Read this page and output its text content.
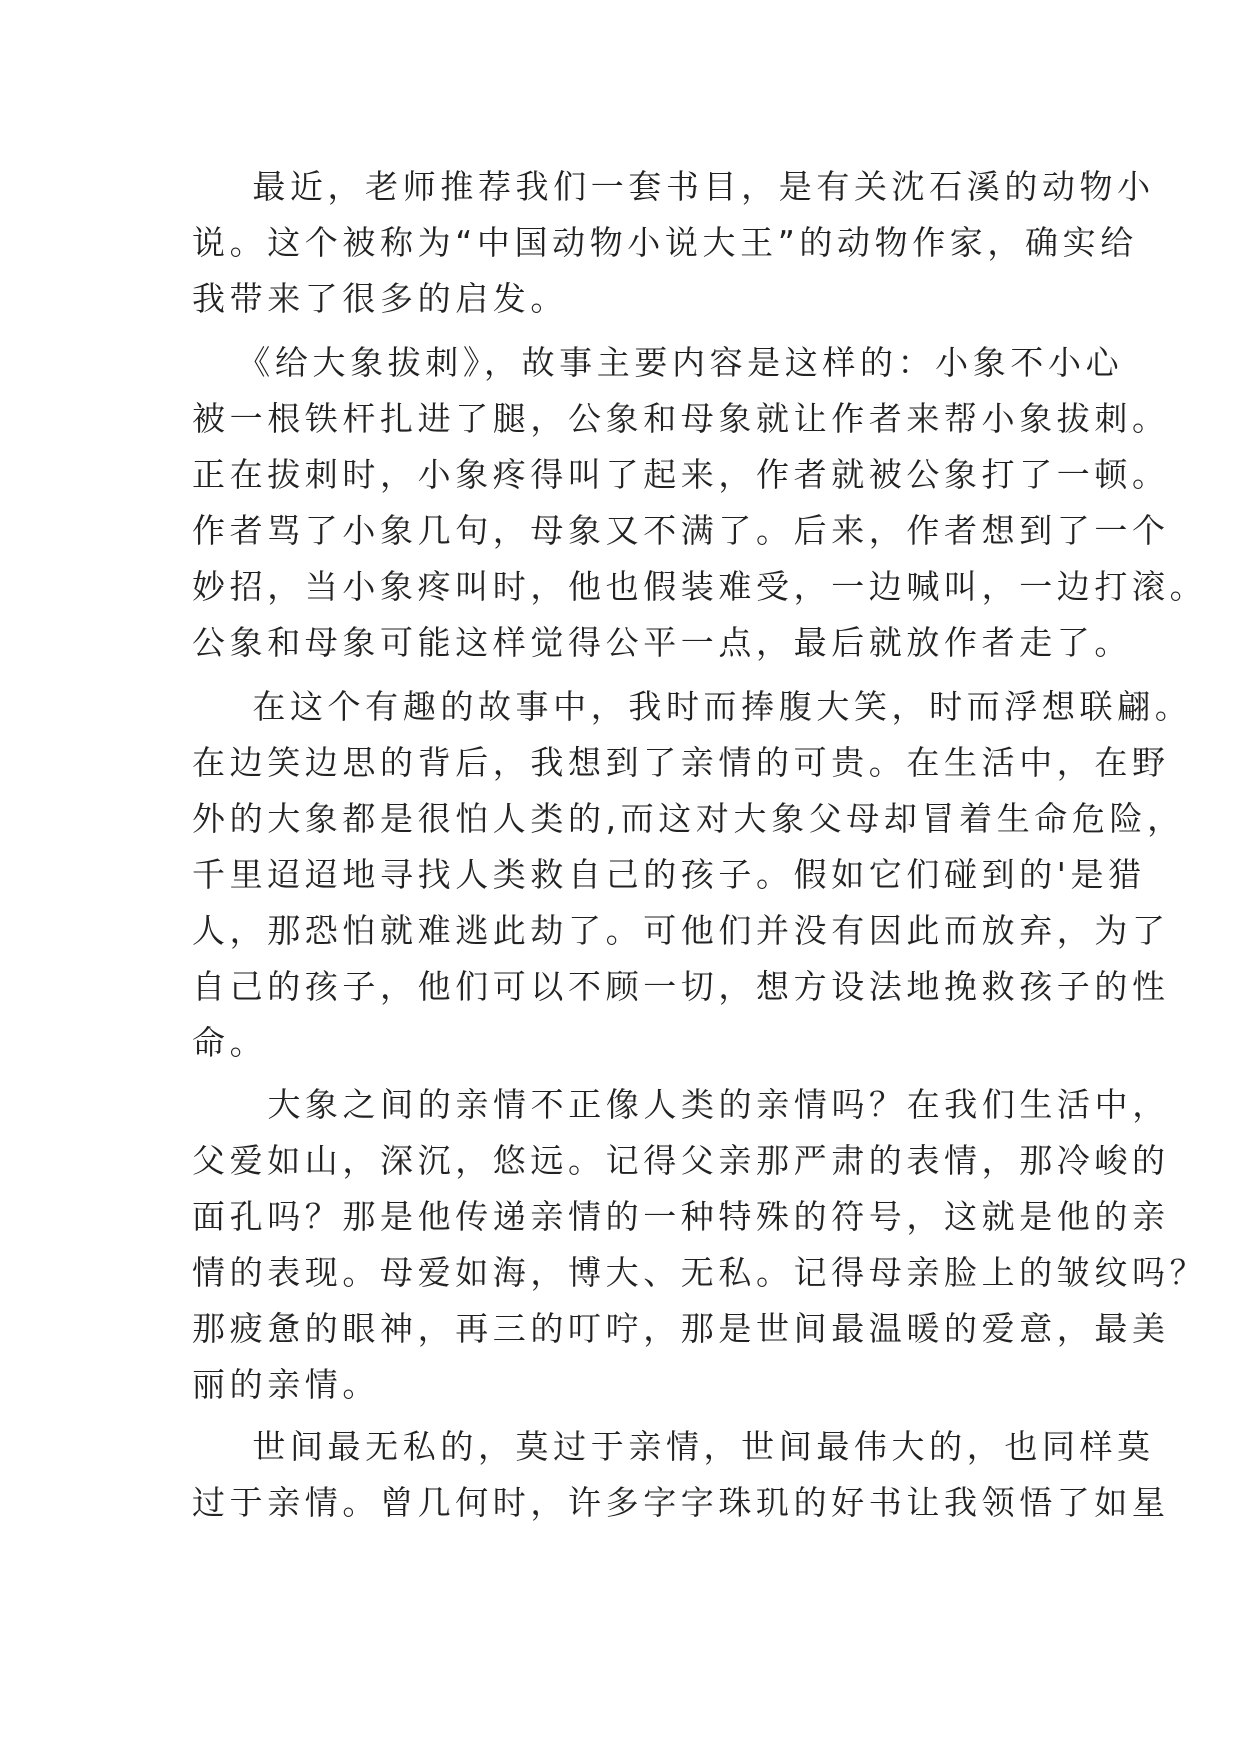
最近，老师推荐我们一套书目，是有关沈石溪的动物小
说。这个被称为“中国动物小说大王”的动物作家，确实给
我带来了很多的启发。
《给大象拔刺》，故事主要内容是这样的：小象不小心
被一根铁杆扎进了腿，公象和母象就让作者来帮小象拔刺。
正在拔刺时，小象疼得叫了起来，作者就被公象打了一顿。
作者骂了小象几句，母象又不满了。后来，作者想到了一个
妙招，当小象疼叫时，他也假装难受，一边喊叫，一边打滚。
公象和母象可能这样觉得公平一点，最后就放作者走了。
在这个有趣的故事中，我时而捧腹大笑，时而浮想联翩。
在边笑边思的背后，我想到了亲情的可贵。在生活中，在野
外的大象都是很怕人类的,而这对大象父母却冒着生命危险，
千里迢迢地寻找人类救自己的孩子。假如它们碰到的'是猎
人，那恐怕就难逃此劫了。可他们并没有因此而放弃，为了
自己的孩子，他们可以不顾一切，想方设法地挽救孩子的性
命。
大象之间的亲情不正像人类的亲情吗？在我们生活中，
父爱如山，深沉，悠远。记得父亲那严肃的表情，那冷峻的
面孔吗？那是他传递亲情的一种特殊的符号，这就是他的亲
情的表现。母爱如海，博大、无私。记得母亲脸上的皱纹吗？
那疲惫的眼神，再三的叮咛，那是世间最温暖的爱意，最美
丽的亲情。
世间最无私的，莫过于亲情，世间最伟大的，也同样莫
过于亲情。曾几何时，许多字字珠玑的好书让我领悟了如星
